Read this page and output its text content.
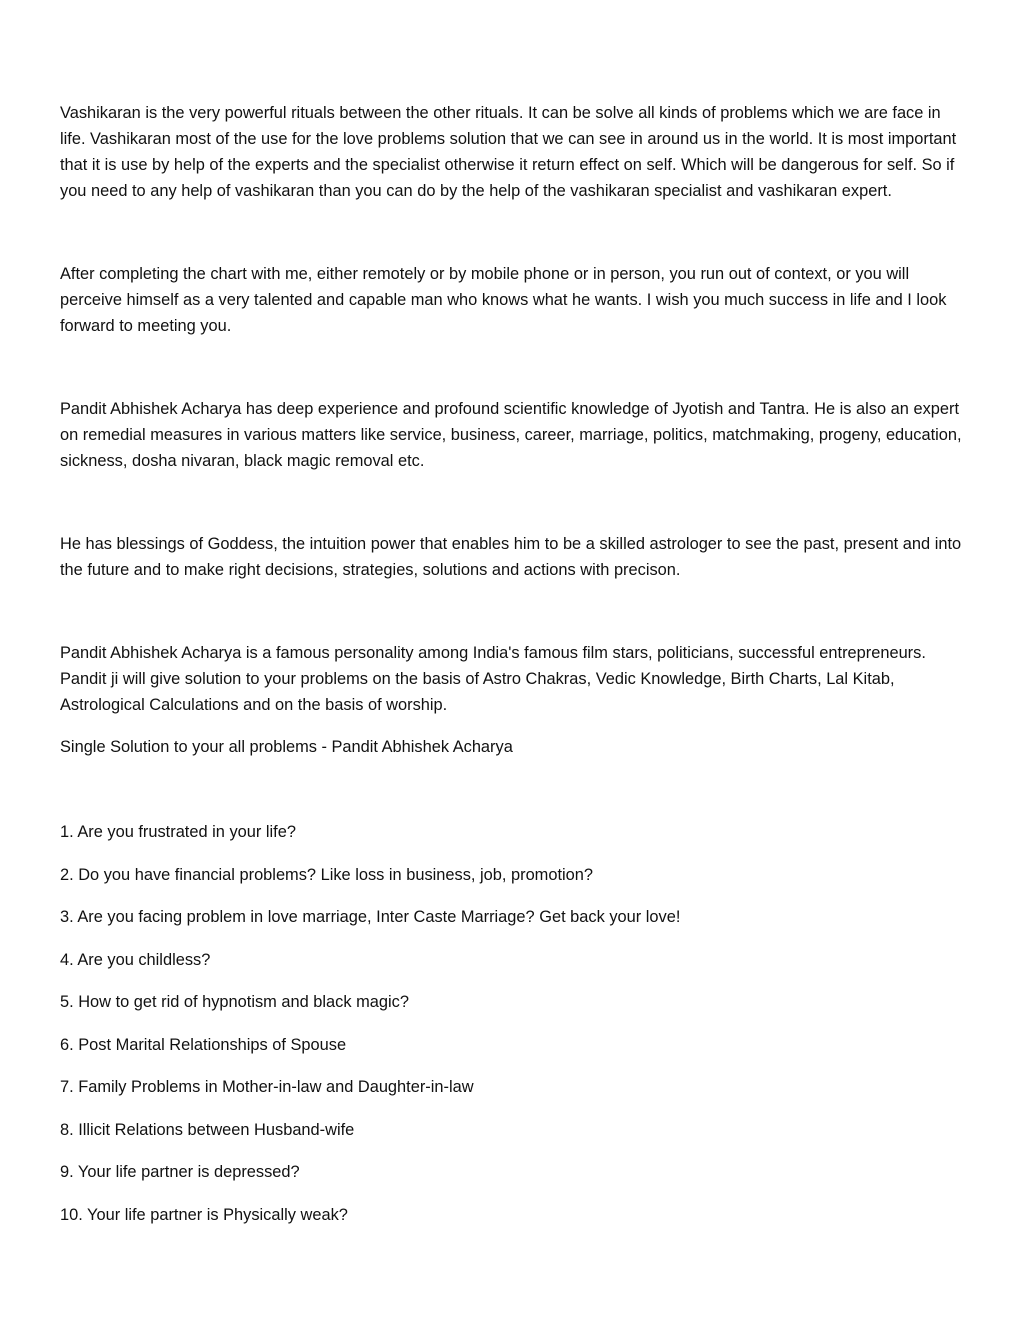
Vashikaran is the very powerful rituals between the other rituals. It can be solve all kinds of problems which we are face in life. Vashikaran most of the use for the love problems solution that we can see in around us in the world. It is most important that it is use by help of the experts and the specialist otherwise it return effect on self. Which will be dangerous for self. So if you need to any help of vashikaran than you can do by the help of the vashikaran specialist and vashikaran expert.

After completing the chart with me, either remotely or by mobile phone or in person, you run out of context, or you will perceive himself as a very talented and capable man who knows what he wants. I wish you much success in life and I look forward to meeting you.

Pandit Abhishek Acharya has deep experience and profound scientific knowledge of Jyotish and Tantra. He is also an expert on remedial measures in various matters like service, business, career, marriage, politics, matchmaking, progeny, education, sickness, dosha nivaran, black magic removal etc.

He has blessings of Goddess, the intuition power that enables him to be a skilled astrologer to see the past, present and into the future and to make right decisions, strategies, solutions and actions with precison.

Pandit Abhishek Acharya is a famous personality among India's famous film stars, politicians, successful entrepreneurs. Pandit ji will give solution to your problems on the basis of Astro Chakras, Vedic Knowledge, Birth Charts, Lal Kitab, Astrological Calculations and on the basis of worship.

Single Solution to your all problems - Pandit Abhishek Acharya

1. Are you frustrated in your life?
2. Do you have financial problems? Like loss in business, job, promotion?
3. Are you facing problem in love marriage, Inter Caste Marriage? Get back your love!
4. Are you childless?
5. How to get rid of hypnotism and black magic?
6. Post Marital Relationships of Spouse
7. Family Problems in Mother-in-law and Daughter-in-law
8. Illicit Relations between Husband-wife
9. Your life partner is depressed?
10. Your life partner is Physically weak?
